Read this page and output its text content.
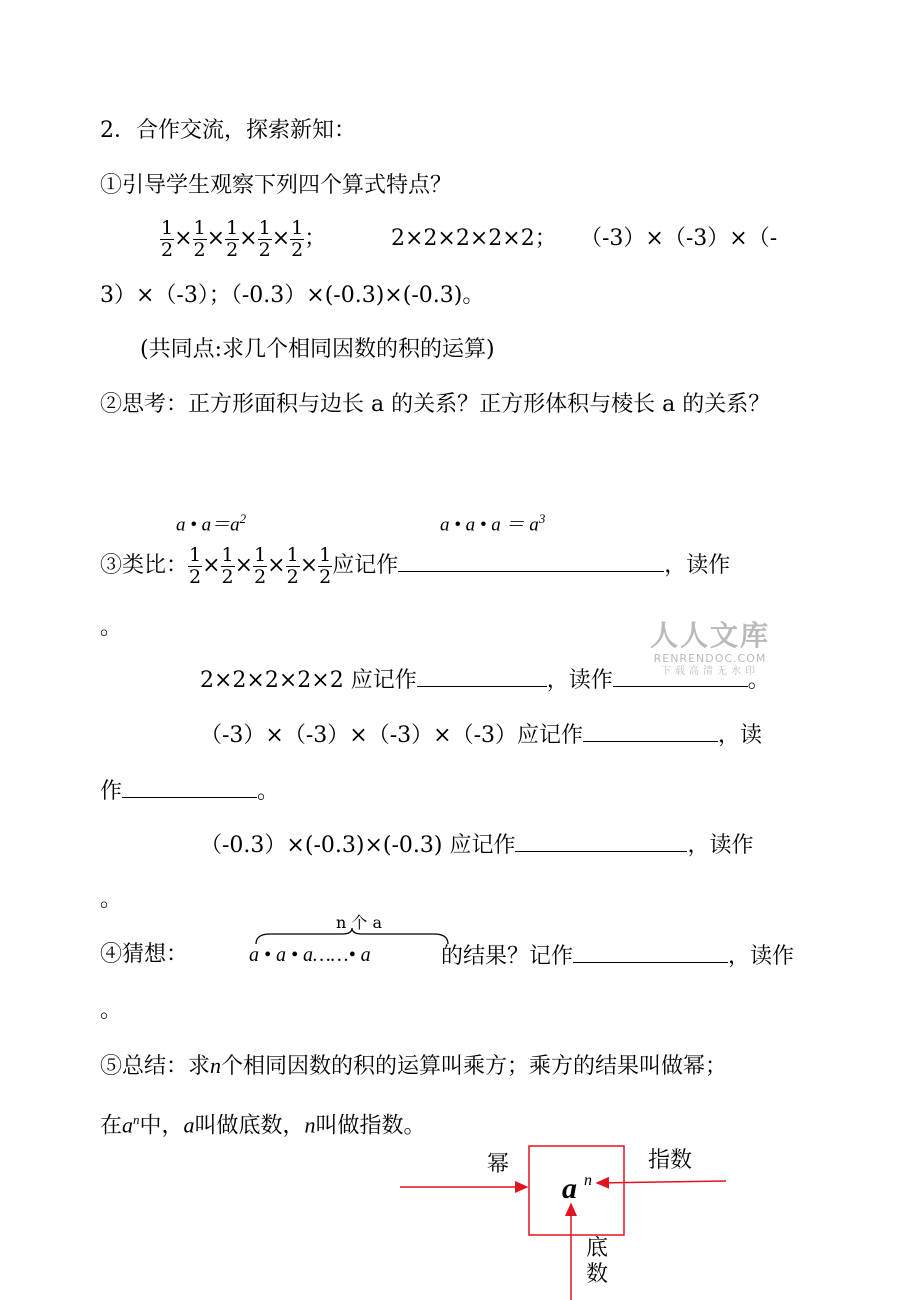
2．合作交流，探索新知：
①引导学生观察下列四个算式特点？
$\frac{1}{2} \times \frac{1}{2} \times \frac{1}{2} \times \frac{1}{2} \times \frac{1}{2}$ ；	2×2×2×2×2； （-3）×（-3）×（-
3）×（-3）；（-0.3）×(-0.3)×(-0.3)。
(共同点:求几个相同因数的积的运算)
②思考：正方形面积与边长 a 的关系？正方形体积与棱长 a 的关系？
a • $a=a^2$	a • a • $a = a^3$
③类比： $\frac{1}{2} \times \frac{1}{2} \times \frac{1}{2} \times \frac{1}{2} \times \frac{1}{2}$ 应记作	，读作
。
2×2×2×2×2 应记作	，读作	。
（-3）×（-3）×（-3）×（-3）应记作	，读
作	。
（-0.3）×(-0.3)×(-0.3) 应记作	，读作
。
n 个 a
④猜想：	a • a • a……• a	的结果？记作	，读作
。
⑤总结：求n个相同因数的积的运算叫乘方；乘方的结果叫做幂；
在$a^n$中，a叫做底数，n叫做指数。
幂	指数
底数
a n
人人文库
RENRENDOC.COM
下载高清无水印
